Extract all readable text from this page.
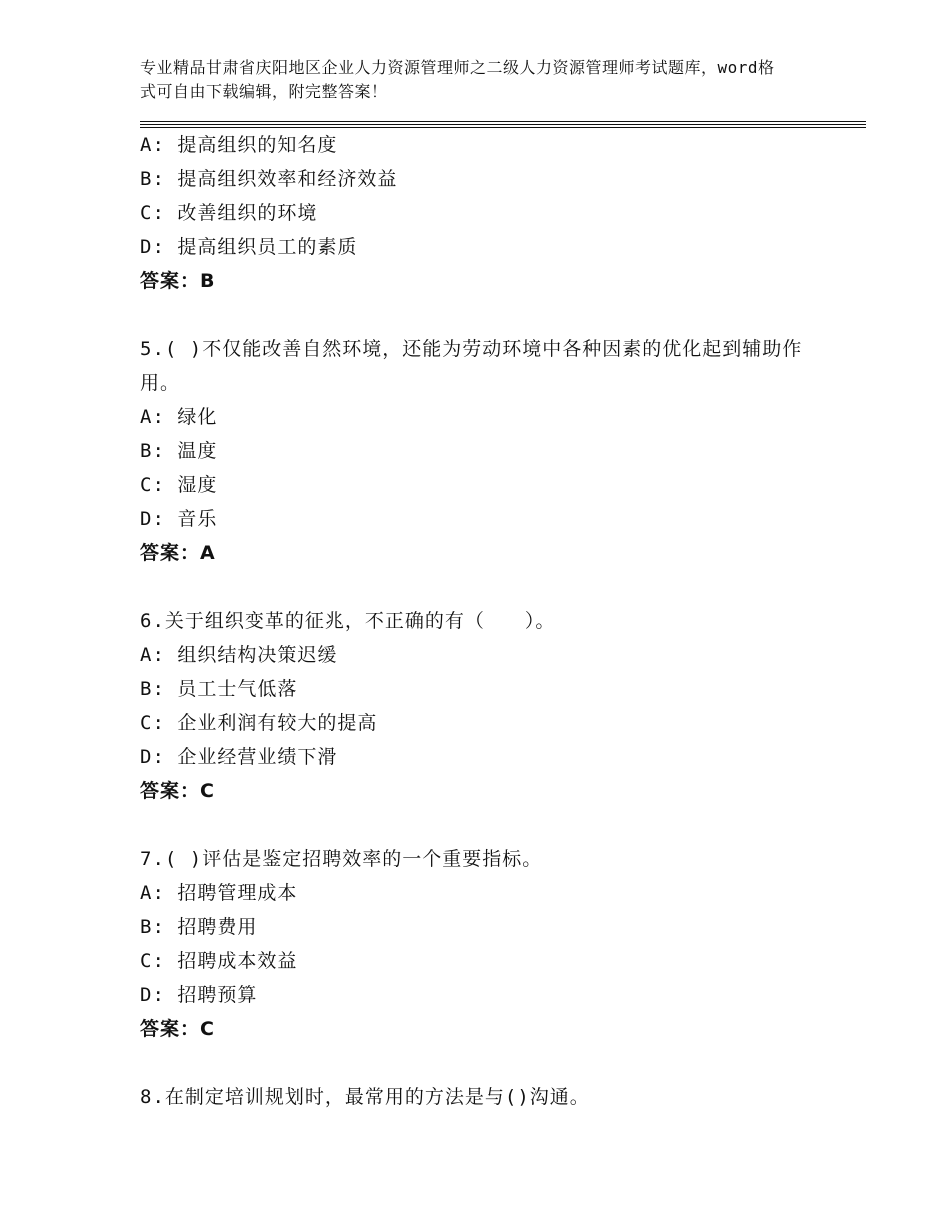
专业精品甘肃省庆阳地区企业人力资源管理师之二级人力资源管理师考试题库，word格式可自由下载编辑，附完整答案！
A: 提高组织的知名度
B: 提高组织效率和经济效益
C: 改善组织的环境
D: 提高组织员工的素质
答案：B
5.( )不仅能改善自然环境，还能为劳动环境中各种因素的优化起到辅助作用。
A: 绿化
B: 温度
C: 湿度
D: 音乐
答案：A
6.关于组织变革的征兆，不正确的有（　　）。
A: 组织结构决策迟缓
B: 员工士气低落
C: 企业利润有较大的提高
D: 企业经营业绩下滑
答案：C
7.( )评估是鉴定招聘效率的一个重要指标。
A: 招聘管理成本
B: 招聘费用
C: 招聘成本效益
D: 招聘预算
答案：C
8.在制定培训规划时，最常用的方法是与()沟通。
